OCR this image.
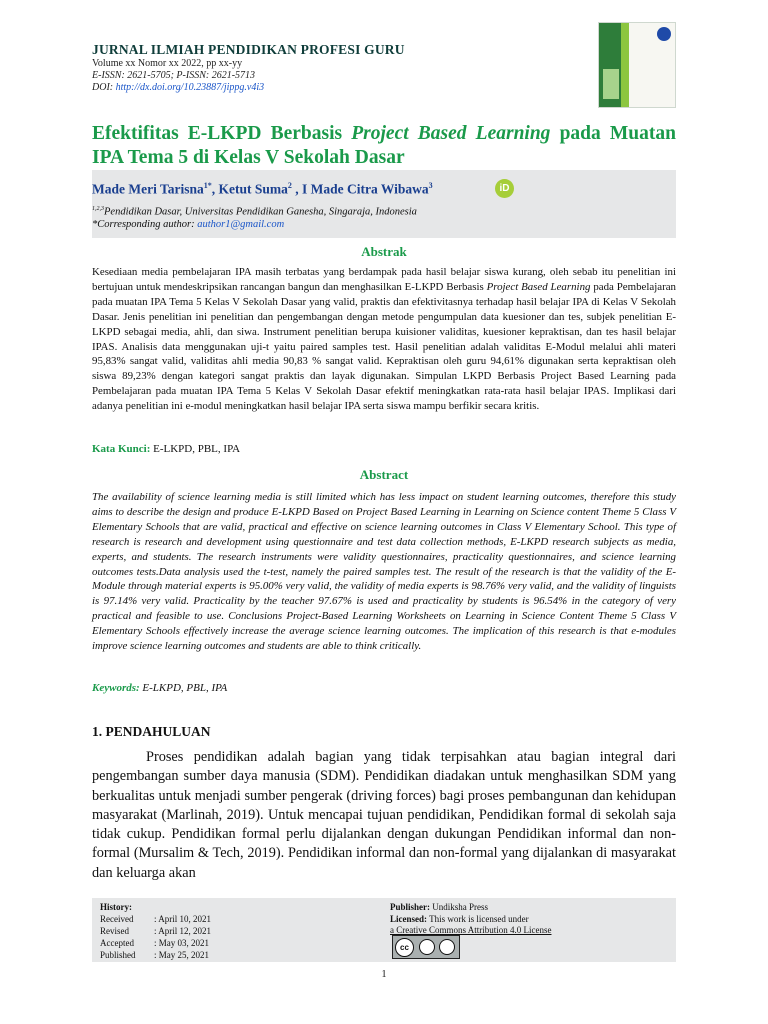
JURNAL ILMIAH PENDIDIKAN PROFESI GURU
Volume xx Nomor xx 2022, pp xx-yy
E-ISSN: 2621-5705; P-ISSN: 2621-5713
DOI: http://dx.doi.org/10.23887/jippg.v4i3
Efektifitas E-LKPD Berbasis Project Based Learning pada Muatan IPA Tema 5 di Kelas V Sekolah Dasar
Made Meri Tarisna$^{1*}$, Ketut Suma$^2$ , I Made Citra Wibawa$^3$	iD
$^{1,2,3}$Pendidikan Dasar, Universitas Pendidikan Ganesha, Singaraja, Indonesia
*Corresponding author: author1@gmail.com
Abstrak
Kesediaan media pembelajaran IPA masih terbatas yang berdampak pada hasil belajar siswa kurang, oleh sebab itu penelitian ini bertujuan untuk mendeskripsikan rancangan bangun dan menghasilkan E-LKPD Berbasis Project Based Learning pada Pembelajaran pada muatan IPA Tema 5 Kelas V Sekolah Dasar yang valid, praktis dan efektivitasnya terhadap hasil belajar IPA di Kelas V Sekolah Dasar. Jenis penelitian ini penelitian dan pengembangan dengan metode pengumpulan data kuesioner dan tes, subjek penelitian E-LKPD sebagai media, ahli, dan siwa. Instrument penelitian berupa kuisioner validitas, kuesioner kepraktisan, dan tes hasil belajar IPAS. Analisis data menggunakan uji-t yaitu paired samples test. Hasil penelitian adalah validitas E-Modul melalui ahli materi 95,83% sangat valid, validitas ahli media 90,83 % sangat valid. Kepraktisan oleh guru 94,61% digunakan serta kepraktisan oleh siswa 89,23% dengan kategori sangat praktis dan layak digunakan. Simpulan LKPD Berbasis Project Based Learning pada Pembelajaran pada muatan IPA Tema 5 Kelas V Sekolah Dasar efektif meningkatkan rata-rata hasil belajar IPAS. Implikasi dari adanya penelitian ini e-modul meningkatkan hasil belajar IPA serta siswa mampu berfikir secara kritis.
Kata Kunci: E-LKPD, PBL, IPA
Abstract
The availability of science learning media is still limited which has less impact on student learning outcomes, therefore this study aims to describe the design and produce E-LKPD Based on Project Based Learning in Learning on Science content Theme 5 Class V Elementary Schools that are valid, practical and effective on science learning outcomes in Class V Elementary School. This type of research is research and development using questionnaire and test data collection methods, E-LKPD research subjects as media, experts, and students. The research instruments were validity questionnaires, practicality questionnaires, and science learning outcomes tests.Data analysis used the t-test, namely the paired samples test. The result of the research is that the validity of the E-Module through material experts is 95.00% very valid, the validity of media experts is 98.76% very valid, and the validity of linguists is 97.14% very valid. Practicality by the teacher 97.67% is used and practicality by students is 96.54% in the category of very practical and feasible to use. Conclusions Project-Based Learning Worksheets on Learning in Science Content Theme 5 Class V Elementary Schools effectively increase the average science learning outcomes. The implication of this research is that e-modules improve science learning outcomes and students are able to think critically.
Keywords: E-LKPD, PBL, IPA
1. PENDAHULUAN
Proses pendidikan adalah bagian yang tidak terpisahkan atau bagian integral dari pengembangan sumber daya manusia (SDM). Pendidikan diadakan untuk menghasilkan SDM yang berkualitas untuk menjadi sumber pengerak (driving forces) bagi proses pembangunan dan kehidupan masyarakat (Marlinah, 2019). Untuk mencapai tujuan pendidikan, Pendidikan formal di sekolah saja tidak cukup. Pendidikan formal perlu dijalankan dengan dukungan Pendidikan informal dan non-formal (Mursalim & Tech, 2019). Pendidikan informal dan non-formal yang dijalankan di masyarakat dan keluarga akan
History:
Received : April 10, 2021
Revised	: April 12, 2021
Accepted : May 03, 2021
Published : May 25, 2021
Publisher: Undiksha Press
Licensed: This work is licensed under
a Creative Commons Attribution 4.0 License
cc
1
